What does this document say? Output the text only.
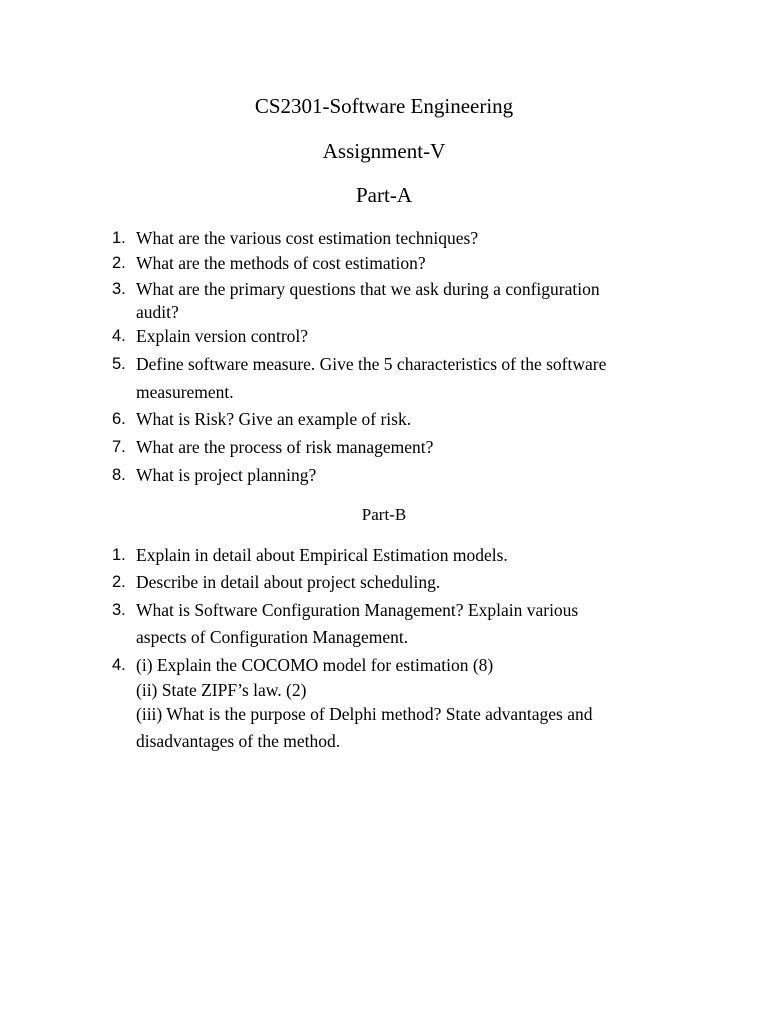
CS2301-Software Engineering
Assignment-V
Part-A
1. What are the various cost estimation techniques?
2. What are the methods of cost estimation?
3. What are the primary questions that we ask during a configuration
audit?
4. Explain version control?
5. Define software measure. Give the 5 characteristics of the software
measurement.
6. What is Risk? Give an example of risk.
7. What are the process of risk management?
8. What is project planning?
Part-B
1. Explain in detail about Empirical Estimation models.
2. Describe in detail about project scheduling.
3. What is Software Configuration Management? Explain various
aspects of Configuration Management.
4. (i) Explain the COCOMO model for estimation (8)
(ii) State ZIPF’s law. (2)
(iii) What is the purpose of Delphi method? State advantages and
disadvantages of the method.
